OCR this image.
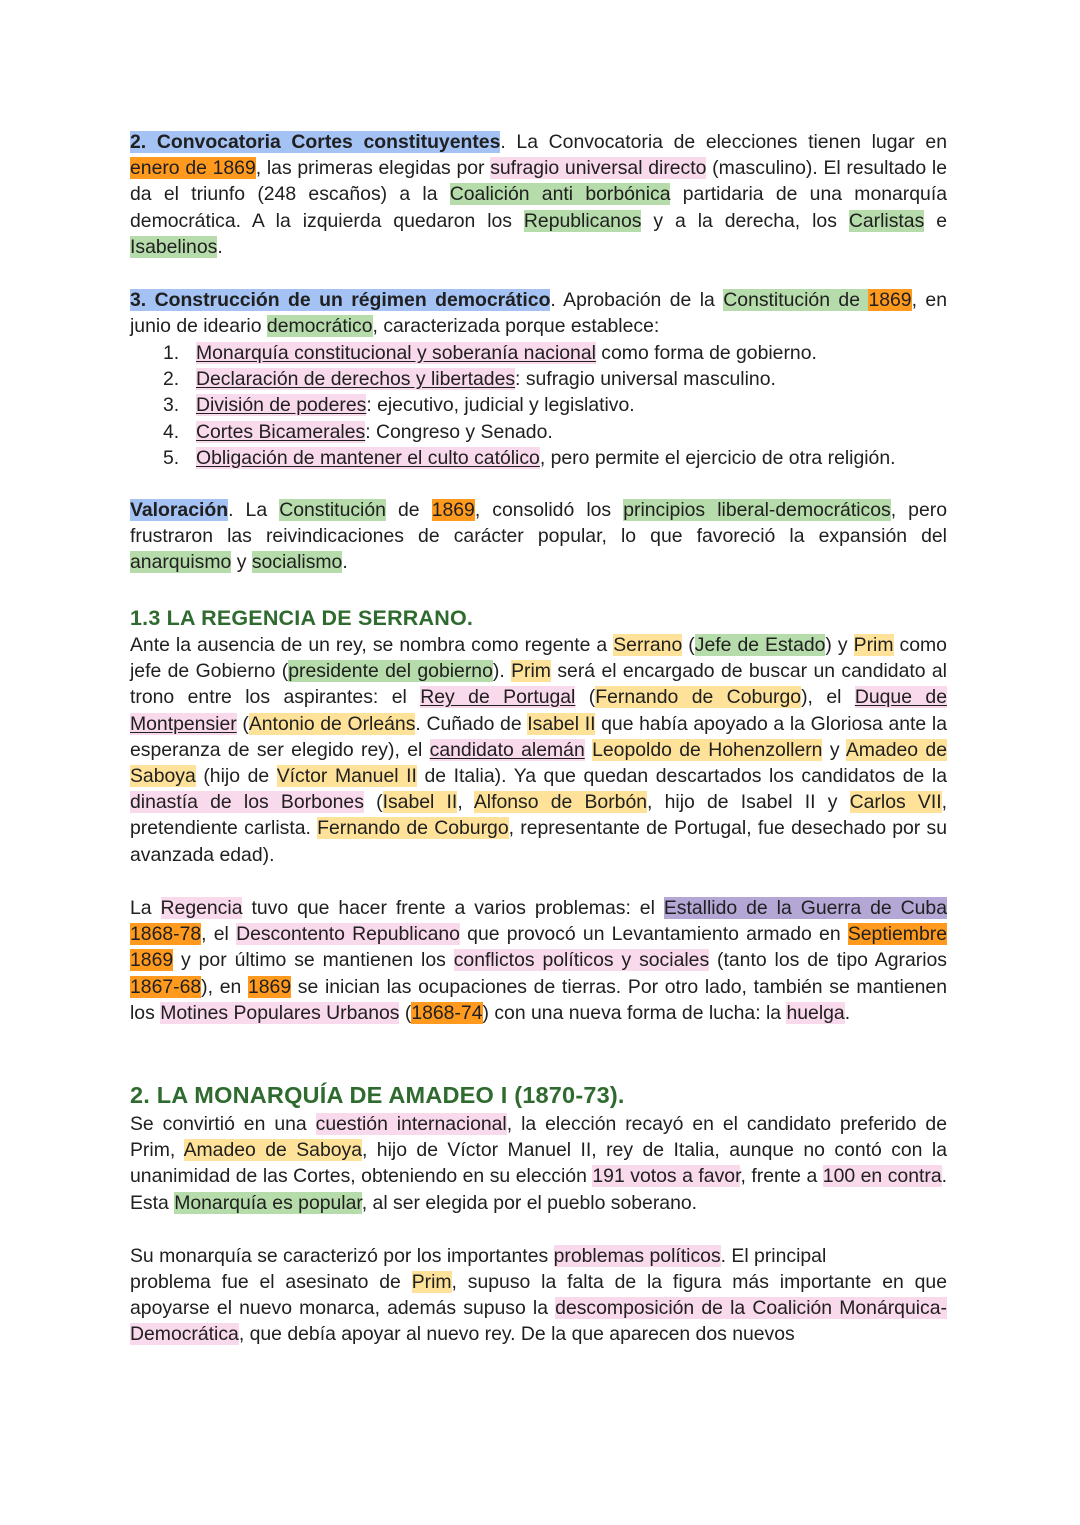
2. Convocatoria Cortes constituyentes. La Convocatoria de elecciones tienen lugar en enero de 1869, las primeras elegidas por sufragio universal directo (masculino). El resultado le da el triunfo (248 escaños) a la Coalición anti borbónica partidaria de una monarquía democrática. A la izquierda quedaron los Republicanos y a la derecha, los Carlistas e Isabelinos.
3. Construcción de un régimen democrático. Aprobación de la Constitución de 1869, en junio de ideario democrático, caracterizada porque establece:
1. Monarquía constitucional y soberanía nacional como forma de gobierno.
2. Declaración de derechos y libertades: sufragio universal masculino.
3. División de poderes: ejecutivo, judicial y legislativo.
4. Cortes Bicamerales: Congreso y Senado.
5. Obligación de mantener el culto católico, pero permite el ejercicio de otra religión.
Valoración. La Constitución de 1869, consolidó los principios liberal-democráticos, pero frustraron las reivindicaciones de carácter popular, lo que favoreció la expansión del anarquismo y socialismo.
1.3 LA REGENCIA DE SERRANO.
Ante la ausencia de un rey, se nombra como regente a Serrano (Jefe de Estado) y Prim como jefe de Gobierno (presidente del gobierno). Prim será el encargado de buscar un candidato al trono entre los aspirantes: el Rey de Portugal (Fernando de Coburgo), el Duque de Montpensier (Antonio de Orleáns. Cuñado de Isabel II que había apoyado a la Gloriosa ante la esperanza de ser elegido rey), el candidato alemán Leopoldo de Hohenzollern y Amadeo de Saboya (hijo de Víctor Manuel II de Italia). Ya que quedan descartados los candidatos de la dinastía de los Borbones (Isabel II, Alfonso de Borbón, hijo de Isabel II y Carlos VII, pretendiente carlista. Fernando de Coburgo, representante de Portugal, fue desechado por su avanzada edad).
La Regencia tuvo que hacer frente a varios problemas: el Estallido de la Guerra de Cuba 1868-78, el Descontento Republicano que provocó un Levantamiento armado en Septiembre 1869 y por último se mantienen los conflictos políticos y sociales (tanto los de tipo Agrarios 1867-68), en 1869 se inician las ocupaciones de tierras. Por otro lado, también se mantienen los Motines Populares Urbanos (1868-74) con una nueva forma de lucha: la huelga.
2. LA MONARQUÍA DE AMADEO I (1870-73).
Se convirtió en una cuestión internacional, la elección recayó en el candidato preferido de Prim, Amadeo de Saboya, hijo de Víctor Manuel II, rey de Italia, aunque no contó con la unanimidad de las Cortes, obteniendo en su elección 191 votos a favor, frente a 100 en contra. Esta Monarquía es popular, al ser elegida por el pueblo soberano.
Su monarquía se caracterizó por los importantes problemas políticos. El principal
problema fue el asesinato de Prim, supuso la falta de la figura más importante en que apoyarse el nuevo monarca, además supuso la descomposición de la Coalición Monárquica-Democrática, que debía apoyar al nuevo rey. De la que aparecen dos nuevos
